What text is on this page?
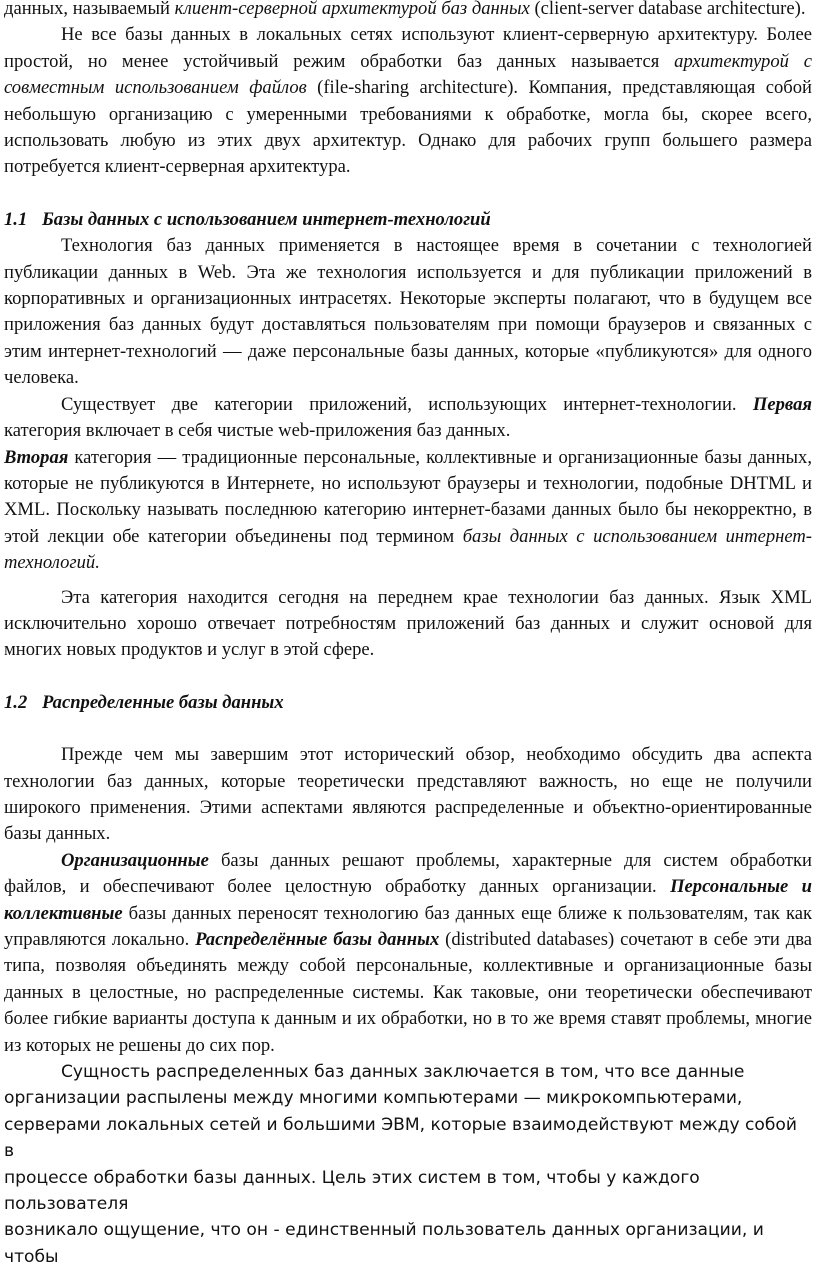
данных, называемый клиент-серверной архитектурой баз данных (client-server database architecture).

Не все базы данных в локальных сетях используют клиент-серверную архитектуру. Более простой, но менее устойчивый режим обработки баз данных называется архитектурой с совместным использованием файлов (file-sharing architecture). Компания, представляющая собой небольшую организацию с умеренными требованиями к обработке, могла бы, скорее всего, использовать любую из этих двух архитектур. Однако для рабочих групп большего размера потребуется клиент-серверная архитектура.

1.1 Базы данных с использованием интернет-технологий

Технология баз данных применяется в настоящее время в сочетании с технологией публикации данных в Web. Эта же технология используется и для публикации приложений в корпоративных и организационных интрасетях. Некоторые эксперты полагают, что в будущем все приложения баз данных будут доставляться пользователям при помощи браузеров и связанных с этим интернет-технологий — даже персональные базы данных, которые «публикуются» для одного человека.

Существует две категории приложений, использующих интернет-технологии. Первая категория включает в себя чистые web-приложения баз данных.

Вторая категория — традиционные персональные, коллективные и организационные базы данных, которые не публикуются в Интернете, но используют браузеры и технологии, подобные DHTML и XML. Поскольку называть последнюю категорию интернет-базами данных было бы некорректно, в этой лекции обе категории объединены под термином базы данных с использованием интернет-технологий.

Эта категория находится сегодня на переднем крае технологии баз данных. Язык XML исключительно хорошо отвечает потребностям приложений баз данных и служит основой для многих новых продуктов и услуг в этой сфере.

1.2 Распределенные базы данных

Прежде чем мы завершим этот исторический обзор, необходимо обсудить два аспекта технологии баз данных, которые теоретически представляют важность, но еще не получили широкого применения. Этими аспектами являются распределенные и объектно-ориентированные базы данных.

Организационные базы данных решают проблемы, характерные для систем обработки файлов, и обеспечивают более целостную обработку данных организации. Персональные и коллективные базы данных переносят технологию баз данных еще ближе к пользователям, так как управляются локально. Распределённые базы данных (distributed databases) сочетают в себе эти два типа, позволяя объединять между собой персональные, коллективные и организационные базы данных в целостные, но распределенные системы. Как таковые, они теоретически обеспечивают более гибкие варианты доступа к данным и их обработки, но в то же время ставят проблемы, многие из которых не решены до сих пор.

Сущность распределенных баз данных заключается в том, что все данные

организации распылены между многими компьютерами — микрокомпьютерами,

серверами локальных сетей и большими ЭВМ, которые взаимодействуют между собой в

процессе обработки базы данных. Цель этих систем в том, чтобы у каждого пользователя

возникало ощущение, что он - единственный пользователь данных организации, и чтобы
